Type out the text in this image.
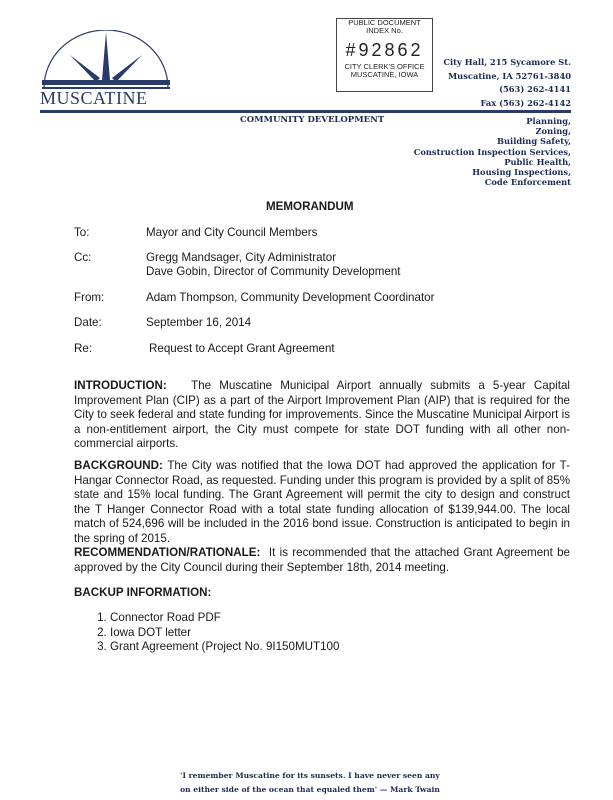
MUSCATINE
PUBLIC DOCUMENT
INDEX No.
#92862
CITY CLERK'S OFFICE
MUSCATINE, IOWA
City Hall, 215 Sycamore St.
Muscatine, IA 52761-3840
(563) 262-4141
Fax (563) 262-4142
COMMUNITY DEVELOPMENT	Planning,
Zoning,
Building Safety,
Construction Inspection Services,
Public Health,
Housing Inspections,
Code Enforcement
MEMORANDUM
To:	Mayor and City Council Members
Cc:	Gregg Mandsager, City Administrator
Dave Gobin, Director of Community Development
From:	Adam Thompson, Community Development Coordinator
Date:	September 16, 2014
Re:	Request to Accept Grant Agreement
INTRODUCTION: The Muscatine Municipal Airport annually submits a 5-year Capital Improvement Plan (CIP) as a part of the Airport Improvement Plan (AIP) that is required for the City to seek federal and state funding for improvements. Since the Muscatine Municipal Airport is a non-entitlement airport, the City must compete for state DOT funding with all other non-commercial airports.
BACKGROUND: The City was notified that the Iowa DOT had approved the application for T-Hangar Connector Road, as requested. Funding under this program is provided by a split of 85% state and 15% local funding. The Grant Agreement will permit the city to design and construct the T Hanger Connector Road with a total state funding allocation of $139,944.00. The local match of 524,696 will be included in the 2016 bond issue. Construction is anticipated to begin in the spring of 2015.
RECOMMENDATION/RATIONALE: It is recommended that the attached Grant Agreement be approved by the City Council during their September 18th, 2014 meeting.
BACKUP INFORMATION:
1. Connector Road PDF
2. Iowa DOT letter
3. Grant Agreement (Project No. 9I150MUT100
'I remember Muscatine for its sunsets. I have never seen any
on either side of the ocean that equaled them' — Mark Twain
